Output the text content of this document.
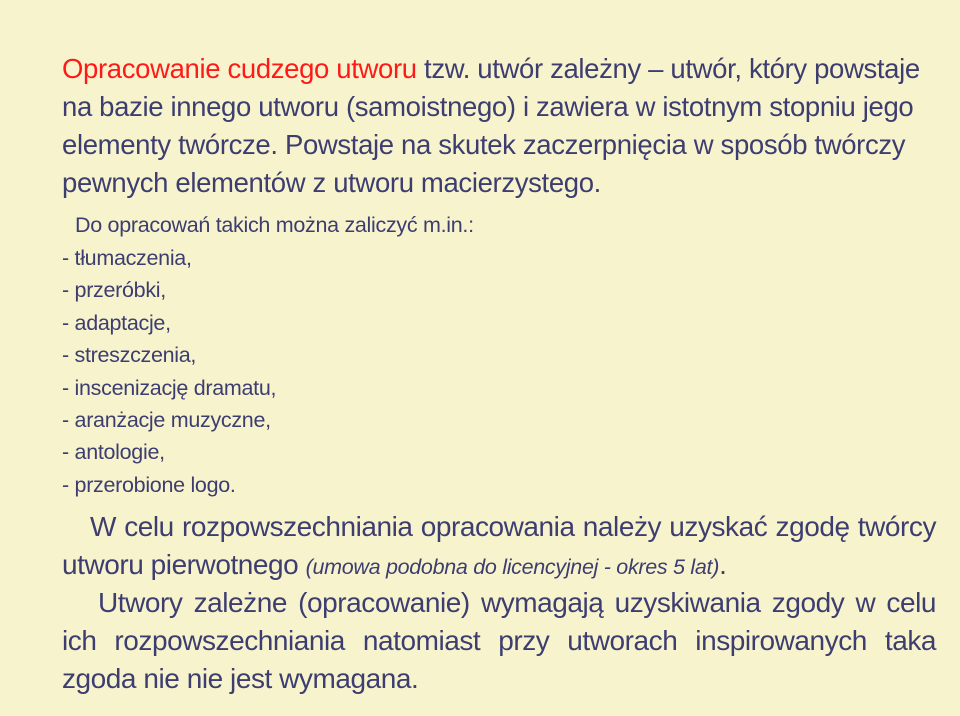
Opracowanie cudzego utworu tzw. utwór zależny – utwór, który powstaje na bazie innego utworu (samoistnego) i zawiera w istotnym stopniu jego elementy twórcze. Powstaje na skutek zaczerpnięcia w sposób twórczy pewnych elementów z utworu macierzystego.

Do opracowań takich można zaliczyć m.in.:

- tłumaczenia,
- przeróbki,
- adaptacje,
- streszczenia,
- inscenizację dramatu,
- aranżacje muzyczne,
- antologie,
- przerobione logo.

W celu rozpowszechniania opracowania należy uzyskać zgodę twórcy utworu pierwotnego (umowa podobna do licencyjnej - okres 5 lat).

Utwory zależne (opracowanie) wymagają uzyskiwania zgody w celu ich rozpowszechniania natomiast przy utworach inspirowanych taka zgoda nie nie jest wymagana.
